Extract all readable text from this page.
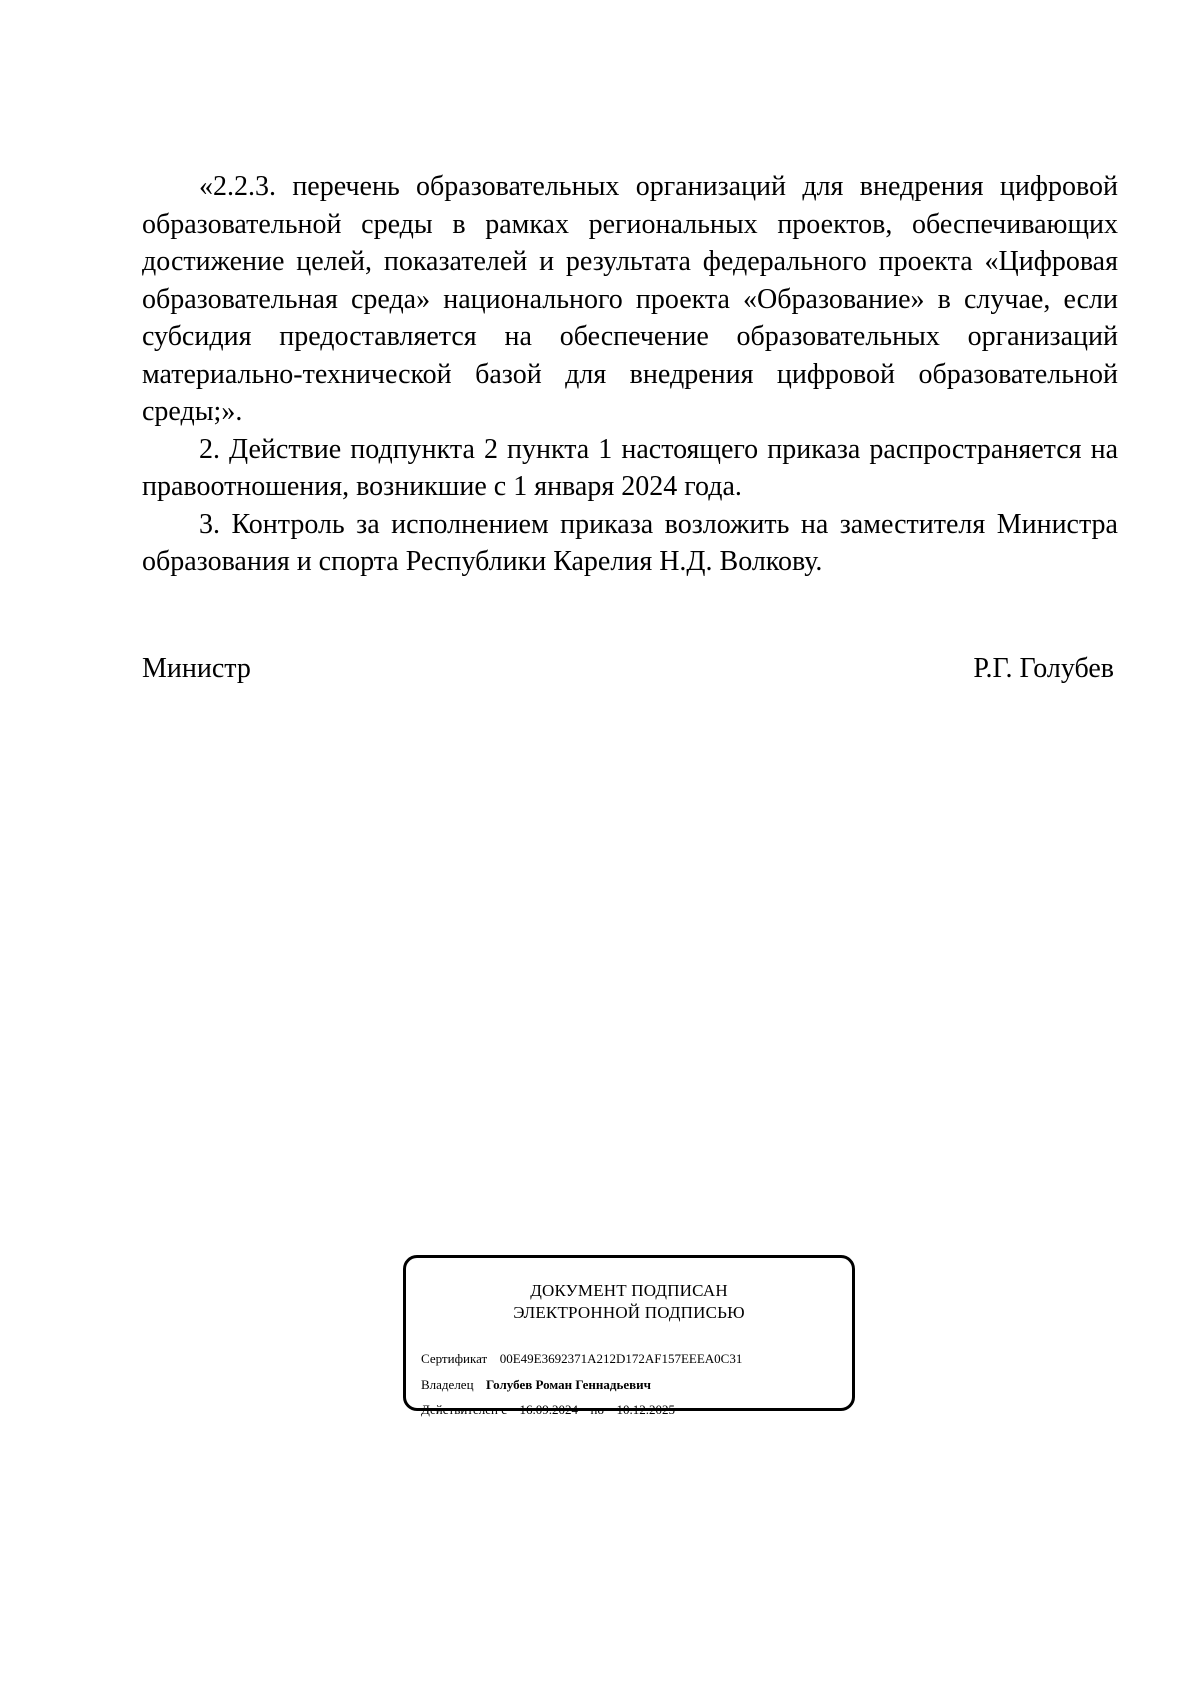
«2.2.3. перечень образовательных организаций для внедрения цифровой образовательной среды в рамках региональных проектов, обеспечивающих достижение целей, показателей и результата федерального проекта «Цифровая образовательная среда» национального проекта «Образование» в случае, если субсидия предоставляется на обеспечение образовательных организаций материально-технической базой для внедрения цифровой образовательной среды;».

2. Действие подпункта 2 пункта 1 настоящего приказа распространяется на правоотношения, возникшие с 1 января 2024 года.

3. Контроль за исполнением приказа возложить на заместителя Министра образования и спорта Республики Карелия Н.Д. Волкову.

Министр	Р.Г. Голубев
ДОКУМЕНТ ПОДПИСАН
ЭЛЕКТРОННОЙ ПОДПИСЬЮ
Сертификат 00E49E3692371A212D172AF157EEEA0C31
Владелец Голубев Роман Геннадьевич
Действителен с 16.09.2024 по 10.12.2025
